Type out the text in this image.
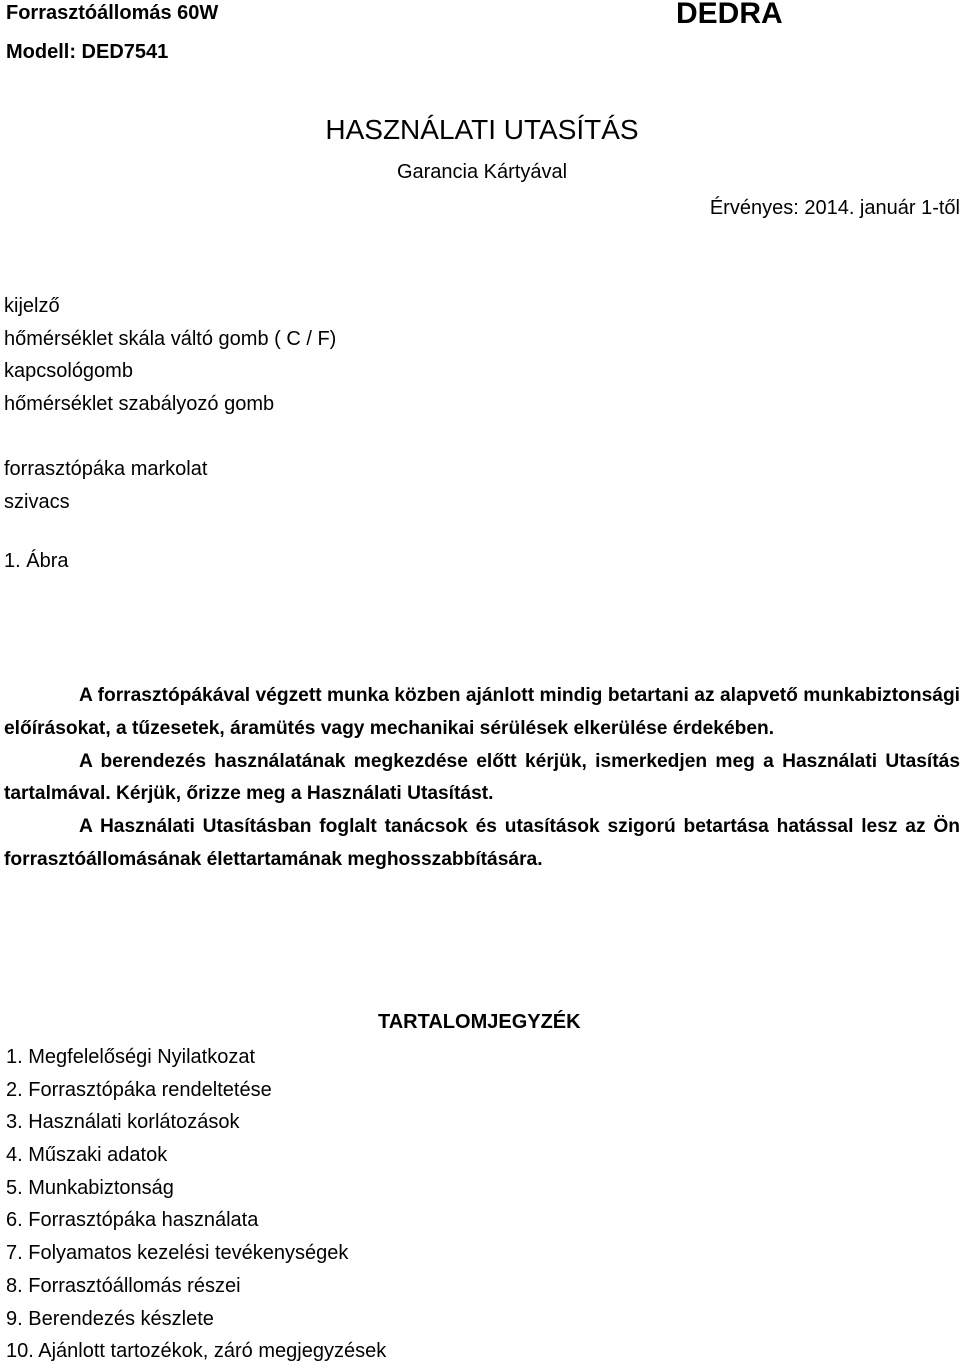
Forrasztóállomás 60W
Modell: DED7541
DEDRA
HASZNÁLATI UTASÍTÁS
Garancia Kártyával
Érvényes: 2014. január 1-től
kijelző
hőmérséklet skála váltó gomb ( C / F)
kapcsológomb
hőmérséklet szabályozó gomb
forrasztópáka markolat
szivacs
1. Ábra

A forrasztópákával végzett munka közben ajánlott mindig betartani az alapvető munkabiztonsági előírásokat, a tűzesetek, áramütés vagy mechanikai sérülések elkerülése érdekében.

A berendezés használatának megkezdése előtt kérjük, ismerkedjen meg a Használati Utasítás tartalmával. Kérjük, őrizze meg a Használati Utasítást.

A Használati Utasításban foglalt tanácsok és utasítások szigorú betartása hatással lesz az Ön forrasztóállomásának élettartamának meghosszabbítására.

TARTALOMJEGYZÉK
1. Megfelelőségi Nyilatkozat
2. Forrasztópáka rendeltetése
3. Használati korlátozások
4. Műszaki adatok
5. Munkabiztonság
6. Forrasztópáka használata
7. Folyamatos kezelési tevékenységek
8. Forrasztóállomás részei
9. Berendezés készlete
10. Ajánlott tartozékok, záró megjegyzések
